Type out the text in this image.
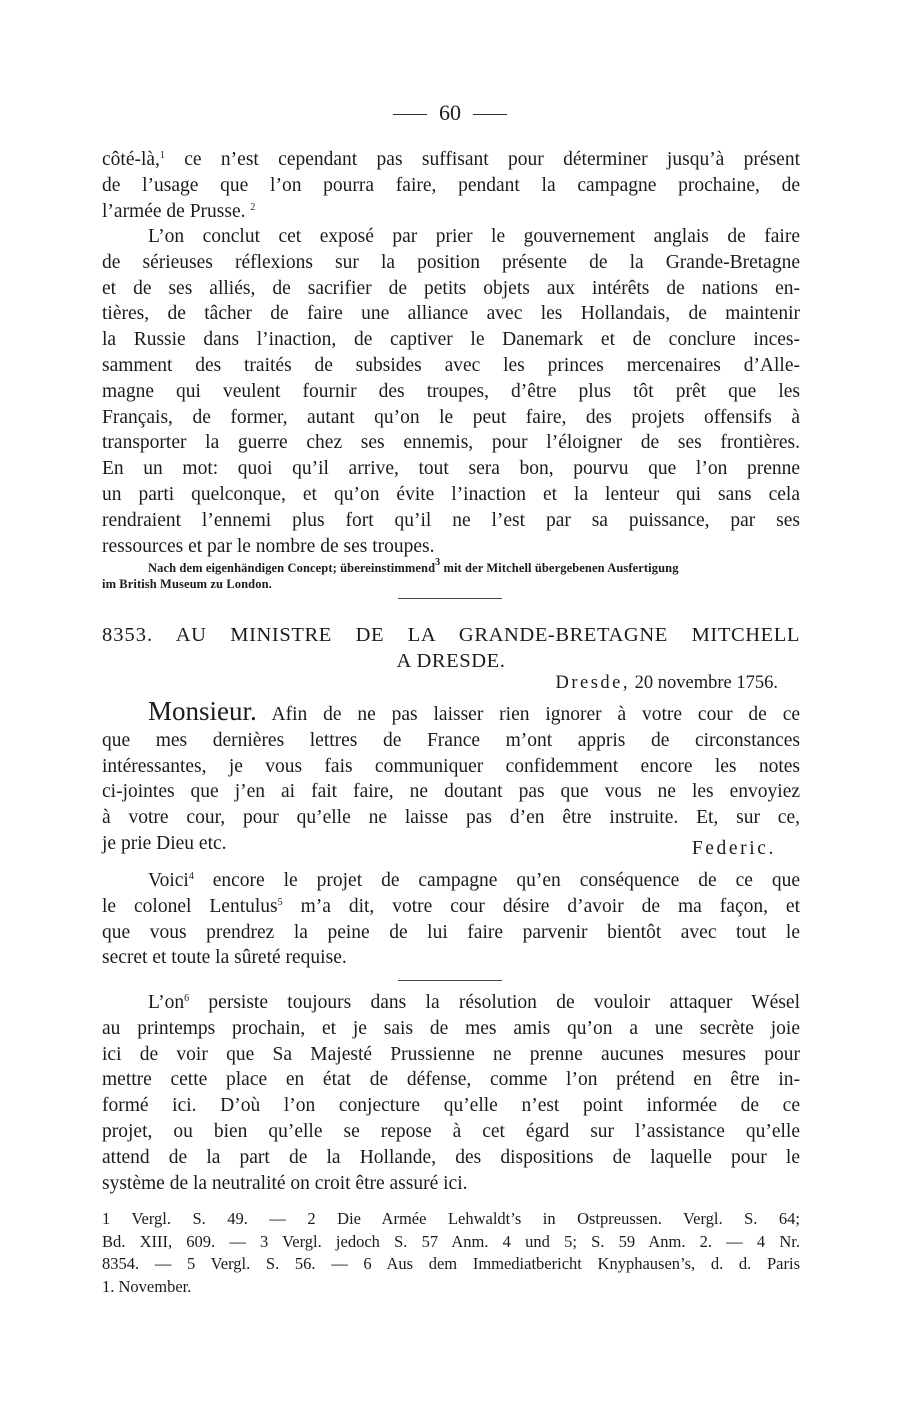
60

côté-là,$^1$ ce n’est cependant pas suffisant pour déterminer jusqu’à présent
de l’usage que l’on pourra faire, pendant la campagne prochaine, de
l’armée de Prusse. $^2$

L’on conclut cet exposé par prier le gouvernement anglais de faire
de sérieuses réflexions sur la position présente de la Grande-Bretagne
et de ses alliés, de sacrifier de petits objets aux intérêts de nations en-
tières, de tâcher de faire une alliance avec les Hollandais, de maintenir
la Russie dans l’inaction, de captiver le Danemark et de conclure inces-
samment des traités de subsides avec les princes mercenaires d’Alle-
magne qui veulent fournir des troupes, d’être plus tôt prêt que les
Français, de former, autant qu’on le peut faire, des projets offensifs à
transporter la guerre chez ses ennemis, pour l’éloigner de ses frontières.
En un mot: quoi qu’il arrive, tout sera bon, pourvu que l’on prenne
un parti quelconque, et qu’on évite l’inaction et la lenteur qui sans cela
rendraient l’ennemi plus fort qu’il ne l’est par sa puissance, par ses
ressources et par le nombre de ses troupes.

Nach dem eigenhändigen Concept; übereinstimmend$^3$ mit der Mitchell übergebenen Ausfertigung
im British Museum zu London.
8353. AU MINISTRE DE LA GRANDE-BRETAGNE MITCHELL
A DRESDE.
Dresde, 20 novembre 1756.

Monsieur. Afin de ne pas laisser rien ignorer à votre cour de ce
que mes dernières lettres de France m’ont appris de circonstances
intéressantes, je vous fais communiquer confidemment encore les notes
ci-jointes que j’en ai fait faire, ne doutant pas que vous ne les envoyiez
à votre cour, pour qu’elle ne laisse pas d’en être instruite. Et, sur ce,
je prie Dieu etc.	Federic.

Voici$^4$ encore le projet de campagne qu’en conséquence de ce que
le colonel Lentulus$^5$ m’a dit, votre cour désire d’avoir de ma façon, et
que vous prendrez la peine de lui faire parvenir bientôt avec tout le
secret et toute la sûreté requise.

$L’on^6$ persiste toujours dans la résolution de vouloir attaquer Wésel
au printemps prochain, et je sais de mes amis qu’on a une secrète joie
ici de voir que Sa Majesté Prussienne ne prenne aucunes mesures pour
mettre cette place en état de défense, comme l’on prétend en être in-
formé ici. D’où l’on conjecture qu’elle n’est point informée de ce
projet, ou bien qu’elle se repose à cet égard sur l’assistance qu’elle
attend de la part de la Hollande, des dispositions de laquelle pour le
système de la neutralité on croit être assuré ici.

1 Vergl. S. 49. — 2 Die Armée Lehwaldt’s in Ostpreussen. Vergl. S. 64;
Bd. XIII, 609. — 3 Vergl. jedoch S. 57 Anm. 4 und 5; S. 59 Anm. 2. — 4 Nr.
8354. — 5 Vergl. S. 56. — 6 Aus dem Immediatbericht Knyphausen’s, d. d. Paris
1. November.
